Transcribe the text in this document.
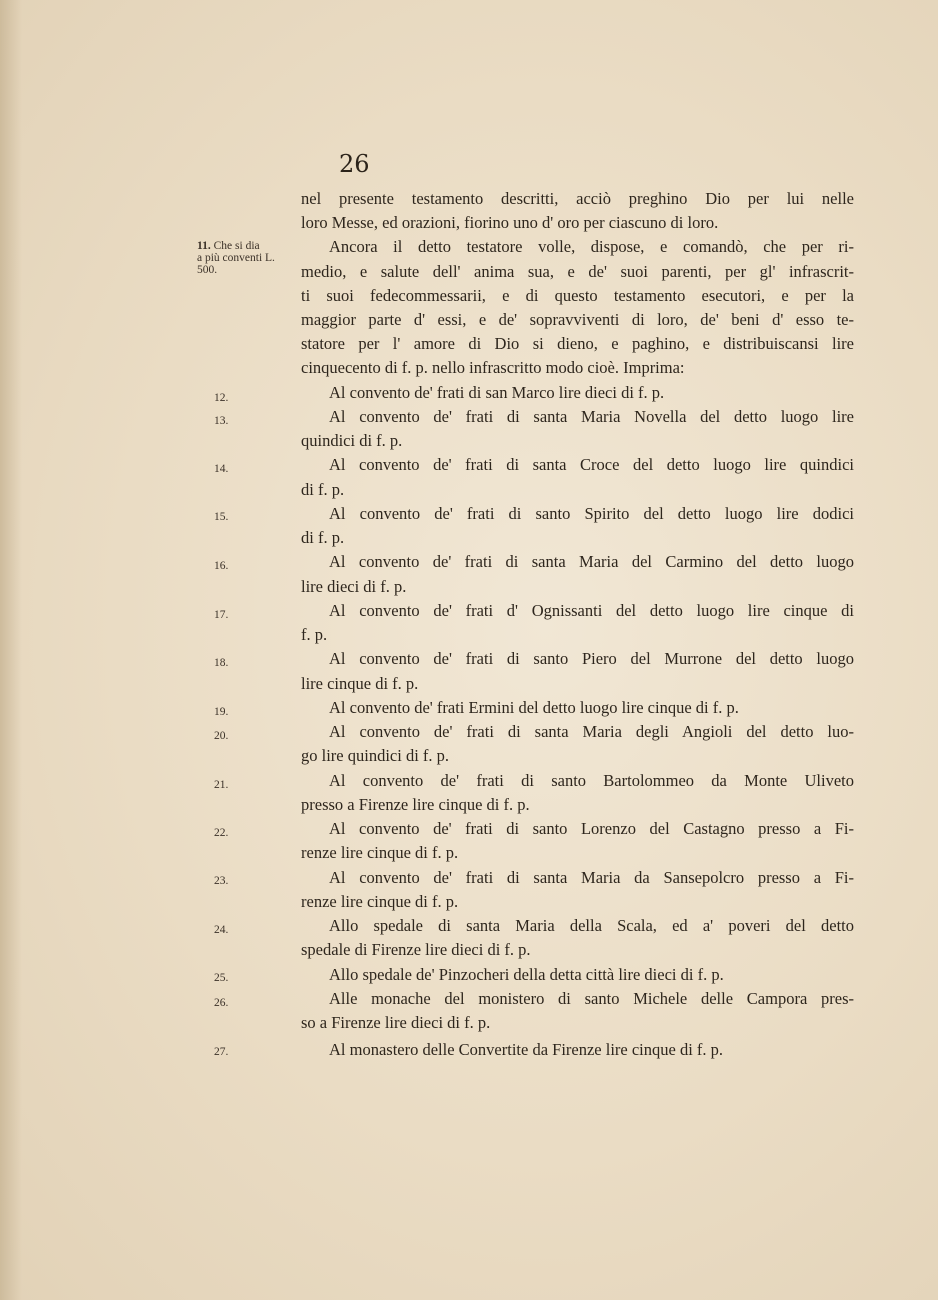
26
11. Che si dia
a più conventi L.
500.
12.
13.
14.
15.
16.
17.
18.
19.
20.
21.
22.
23.
24.
25.
26.
27.
nel presente testamento descritti, acciò preghino Dio per lui nelle
loro Messe, ed orazioni, fiorino uno d' oro per ciascuno di loro.
Ancora il detto testatore volle, dispose, e comandò, che per ri-
medio, e salute dell' anima sua, e de' suoi parenti, per gl' infrascrit-
ti suoi fedecommessarii, e di questo testamento esecutori, e per la
maggior parte d' essi, e de' sopravviventi di loro, de' beni d' esso te-
statore per l' amore di Dio si dieno, e paghino, e distribuiscansi lire
cinquecento di f. p. nello infrascritto modo cioè. Imprima:
Al convento de' frati di san Marco lire dieci di f. p.
Al convento de' frati di santa Maria Novella del detto luogo lire
quindici di f. p.
Al convento de' frati di santa Croce del detto luogo lire quindici
di f. p.
Al convento de' frati di santo Spirito del detto luogo lire dodici
di f. p.
Al convento de' frati di santa Maria del Carmino del detto luogo
lire dieci di f. p.
Al convento de' frati d' Ognissanti del detto luogo lire cinque di
f. p.
Al convento de' frati di santo Piero del Murrone del detto luogo
lire cinque di f. p.
Al convento de' frati Ermini del detto luogo lire cinque di f. p.
Al convento de' frati di santa Maria degli Angioli del detto luo-
go lire quindici di f. p.
Al convento de' frati di santo Bartolommeo da Monte Uliveto
presso a Firenze lire cinque di f. p.
Al convento de' frati di santo Lorenzo del Castagno presso a Fi-
renze lire cinque di f. p.
Al convento de' frati di santa Maria da Sansepolcro presso a Fi-
renze lire cinque di f. p.
Allo spedale di santa Maria della Scala, ed a' poveri del detto
spedale di Firenze lire dieci di f. p.
Allo spedale de' Pinzocheri della detta città lire dieci di f. p.
Alle monache del monistero di santo Michele delle Campora pres-
so a Firenze lire dieci di f. p.
Al monastero delle Convertite da Firenze lire cinque di f. p.
